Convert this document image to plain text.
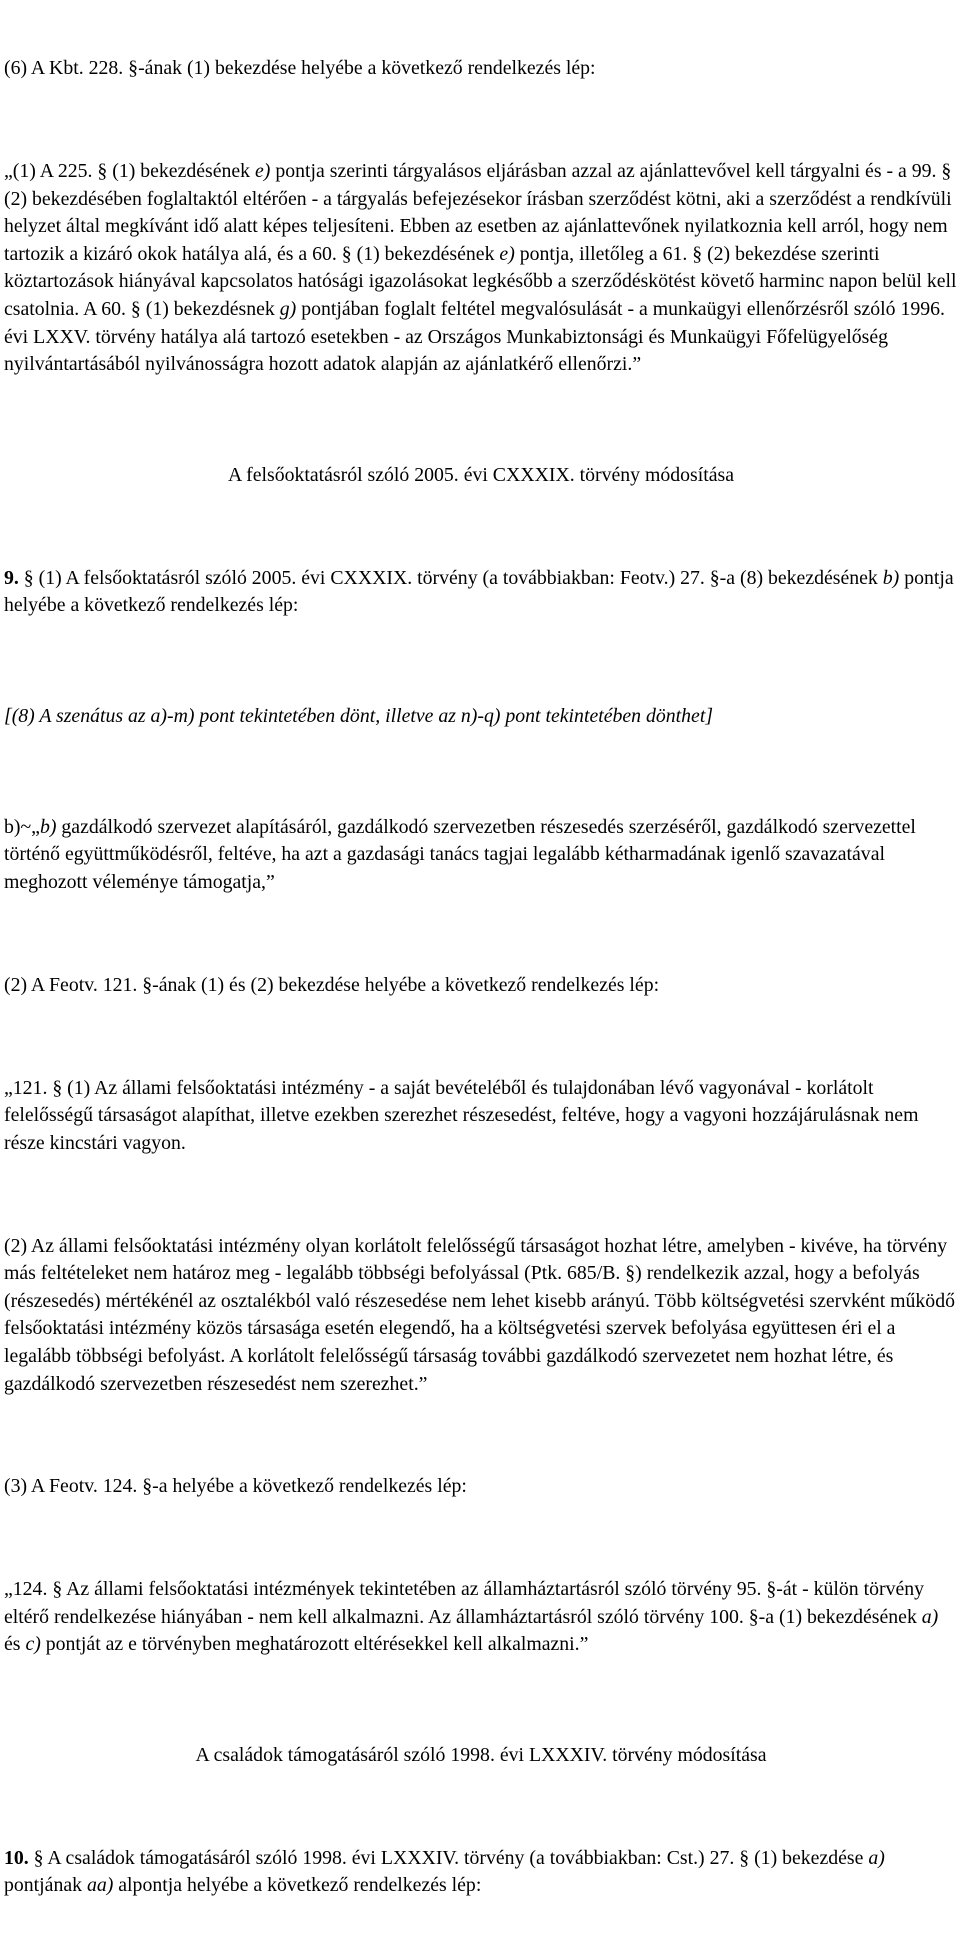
(6) A Kbt. 228. §-ának (1) bekezdése helyébe a következő rendelkezés lép:

„(1) A 225. § (1) bekezdésének e) pontja szerinti tárgyalásos eljárásban azzal az ajánlattevővel kell tárgyalni és - a 99. § (2) bekezdésében foglaltaktól eltérően - a tárgyalás befejezésekor írásban szerződést kötni, aki a szerződést a rendkívüli helyzet által megkívánt idő alatt képes teljesíteni. Ebben az esetben az ajánlattevőnek nyilatkoznia kell arról, hogy nem tartozik a kizáró okok hatálya alá, és a 60. § (1) bekezdésének e) pontja, illetőleg a 61. § (2) bekezdése szerinti köztartozások hiányával kapcsolatos hatósági igazolásokat legkésőbb a szerződéskötést követő harminc napon belül kell csatolnia. A 60. § (1) bekezdésnek g) pontjában foglalt feltétel megvalósulását - a munkaügyi ellenőrzésről szóló 1996. évi LXXV. törvény hatálya alá tartozó esetekben - az Országos Munkabiztonsági és Munkaügyi Főfelügyelőség nyilvántartásából nyilvánosságra hozott adatok alapján az ajánlatkérő ellenőrzi.”

A felsőoktatásról szóló 2005. évi CXXXIX. törvény módosítása

9. § (1) A felsőoktatásról szóló 2005. évi CXXXIX. törvény (a továbbiakban: Feotv.) 27. §-a (8) bekezdésének b) pontja helyébe a következő rendelkezés lép:

[(8) A szenátus az a)-m) pont tekintetében dönt, illetve az n)-q) pont tekintetében dönthet]

b)~„b) gazdálkodó szervezet alapításáról, gazdálkodó szervezetben részesedés szerzéséről, gazdálkodó szervezettel történő együttműködésről, feltéve, ha azt a gazdasági tanács tagjai legalább kétharmadának igenlő szavazatával meghozott véleménye támogatja,”

(2) A Feotv. 121. §-ának (1) és (2) bekezdése helyébe a következő rendelkezés lép:

„121. § (1) Az állami felsőoktatási intézmény - a saját bevételéből és tulajdonában lévő vagyonával - korlátolt felelősségű társaságot alapíthat, illetve ezekben szerezhet részesedést, feltéve, hogy a vagyoni hozzájárulásnak nem része kincstári vagyon.

(2) Az állami felsőoktatási intézmény olyan korlátolt felelősségű társaságot hozhat létre, amelyben - kivéve, ha törvény más feltételeket nem határoz meg - legalább többségi befolyással (Ptk. 685/B. §) rendelkezik azzal, hogy a befolyás (részesedés) mértékénél az osztalékból való részesedése nem lehet kisebb arányú. Több költségvetési szervként működő felsőoktatási intézmény közös társasága esetén elegendő, ha a költségvetési szervek befolyása együttesen éri el a legalább többségi befolyást. A korlátolt felelősségű társaság további gazdálkodó szervezetet nem hozhat létre, és gazdálkodó szervezetben részesedést nem szerezhet.”

(3) A Feotv. 124. §-a helyébe a következő rendelkezés lép:

„124. § Az állami felsőoktatási intézmények tekintetében az államháztartásról szóló törvény 95. §-át - külön törvény eltérő rendelkezése hiányában - nem kell alkalmazni. Az államháztartásról szóló törvény 100. §-a (1) bekezdésének a) és c) pontját az e törvényben meghatározott eltérésekkel kell alkalmazni.”

A családok támogatásáról szóló 1998. évi LXXXIV. törvény módosítása

10. § A családok támogatásáról szóló 1998. évi LXXXIV. törvény (a továbbiakban: Cst.) 27. § (1) bekezdése a) pontjának aa) alpontja helyébe a következő rendelkezés lép:
